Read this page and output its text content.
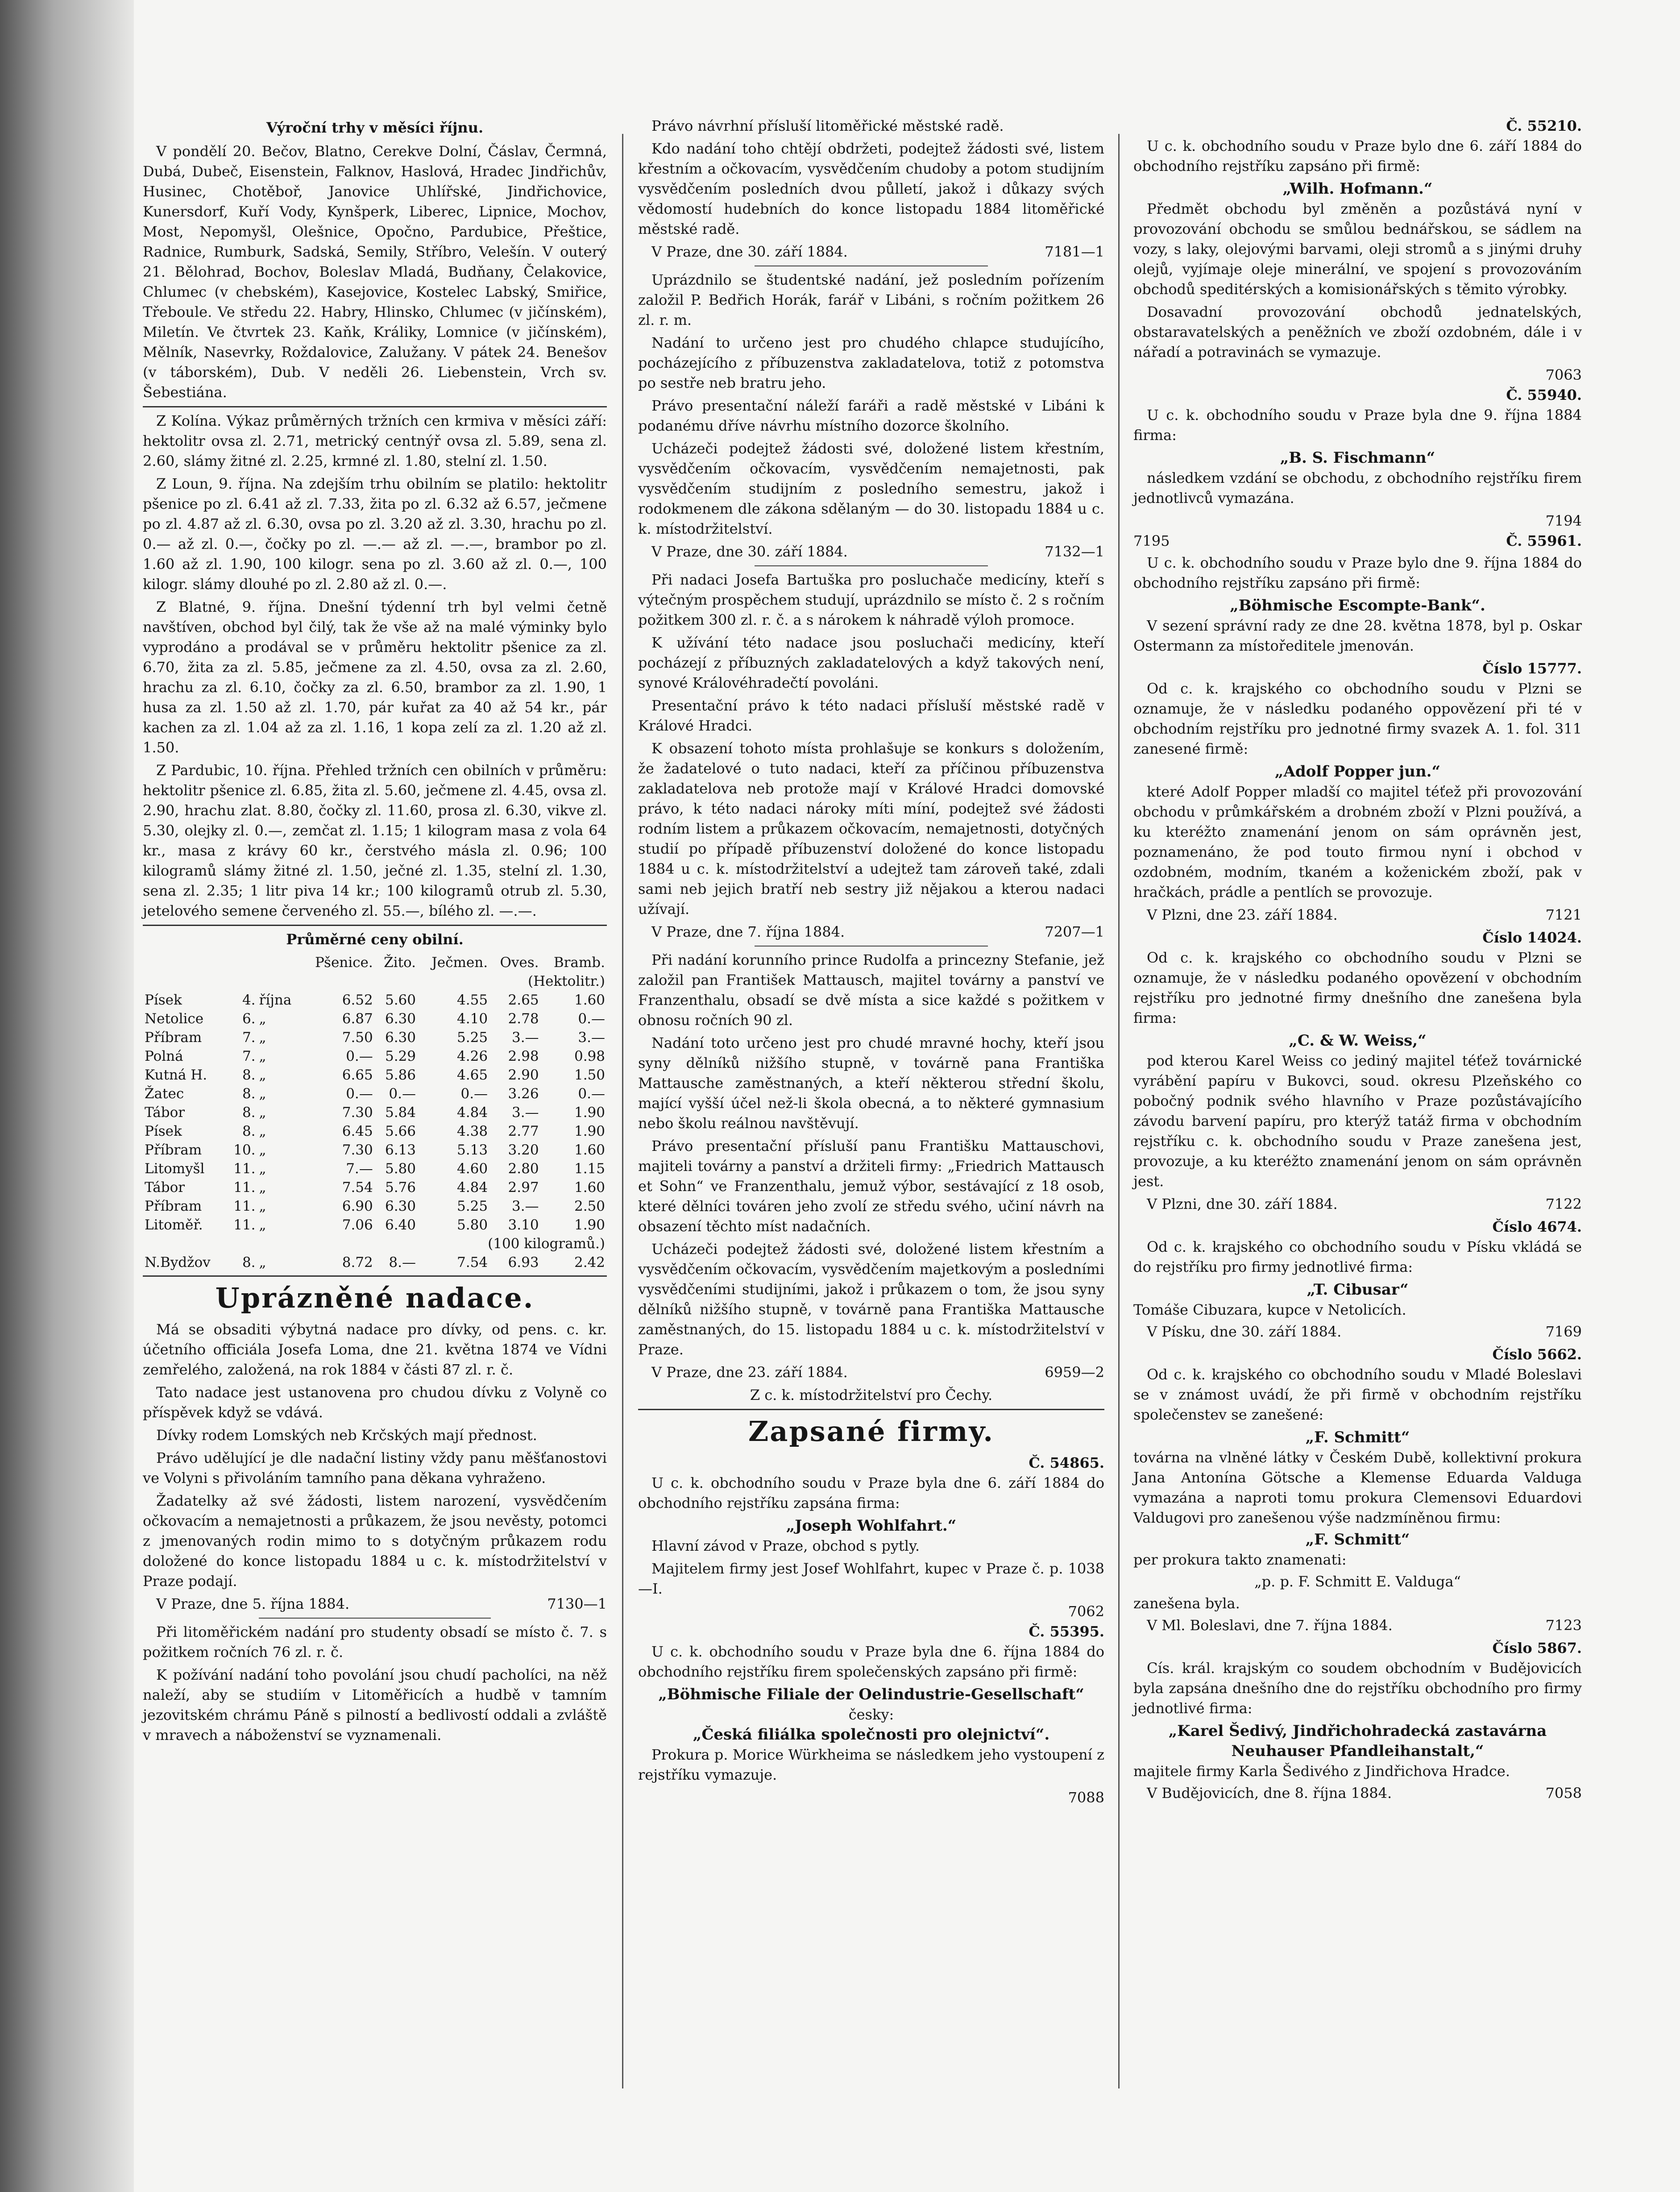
Výroční trhy v měsíci říjnu.

V pondělí 20. Bečov, Blatno, Cerekve Dolní, Čáslav, Čermná, Dubá, Dubeč, Eisenstein, Falknov, Haslová, Hradec Jindřichův, Husinec, Chotěboř, Janovice Uhlířské, Jindřichovice, Kunersdorf, Kuří Vody, Kynšperk, Liberec, Lipnice, Mochov, Most, Nepomyšl, Olešnice, Opočno, Pardubice, Přeštice, Radnice, Rumburk, Sadská, Semily, Stříbro, Velešín. V outerý 21. Bělohrad, Bochov, Boleslav Mladá, Budňany, Čelakovice, Chlumec (v chebském), Kasejovice, Kostelec Labský, Smiřice, Třeboule. Ve středu 22. Habry, Hlinsko, Chlumec (v jičínském), Miletín. Ve čtvrtek 23. Kaňk, Králiky, Lomnice (v jičínském), Mělník, Nasevrky, Roždalovice, Zalužany. V pátek 24. Benešov (v táborském), Dub. V neděli 26. Liebenstein, Vrch sv. Šebestiána.

Z Kolína. Výkaz průměrných tržních cen krmiva v měsíci září: hektolitr ovsa zl. 2.71, metrický centnýř ovsa zl. 5.89, sena zl. 2.60, slámy žitné zl. 2.25, krmné zl. 1.80, stelní zl. 1.50.

Z Loun, 9. října. Na zdejším trhu obilním se platilo: hektolitr pšenice po zl. 6.41 až zl. 7.33, žita po zl. 6.32 až 6.57, ječmene po zl. 4.87 až zl. 6.30, ovsa po zl. 3.20 až zl. 3.30, hrachu po zl. 0.— až zl. 0.—, čočky po zl. —.— až zl. —.—, brambor po zl. 1.60 až zl. 1.90, 100 kilogr. sena po zl. 3.60 až zl. 0.—, 100 kilogr. slámy dlouhé po zl. 2.80 až zl. 0.—.

Z Blatné, 9. října. Dnešní týdenní trh byl velmi četně navštíven, obchod byl čilý, tak že vše až na malé výminky bylo vyprodáno a prodával se v průměru hektolitr pšenice za zl. 6.70, žita za zl. 5.85, ječmene za zl. 4.50, ovsa za zl. 2.60, hrachu za zl. 6.10, čočky za zl. 6.50, brambor za zl. 1.90, 1 husa za zl. 1.50 až zl. 1.70, pár kuřat za 40 až 54 kr., pár kachen za zl. 1.04 až za zl. 1.16, 1 kopa zelí za zl. 1.20 až zl. 1.50.

Z Pardubic, 10. října. Přehled tržních cen obilních v průměru: hektolitr pšenice zl. 6.85, žita zl. 5.60, ječmene zl. 4.45, ovsa zl. 2.90, hrachu zlat. 8.80, čočky zl. 11.60, prosa zl. 6.30, vikve zl. 5.30, olejky zl. 0.—, zemčat zl. 1.15; 1 kilogram masa z vola 64 kr., masa z krávy 60 kr., čerstvého másla zl. 0.96; 100 kilogramů slámy žitné zl. 1.50, ječné zl. 1.35, stelní zl. 1.30, sena zl. 2.35; 1 litr piva 14 kr.; 100 kilogramů otrub zl. 5.30, jetelového semene červeného zl. 55.—, bílého zl. —.—.

Průměrné ceny obilní.
			Pšenice.	Žito.	Ječmen.	Oves.	Bramb.
(Hektolitr.)							
Písek	4.	října	6.52	5.60	4.55	2.65	1.60
Netolice	6.	„	6.87	6.30	4.10	2.78	0.—
Příbram	7.	„	7.50	6.30	5.25	3.—	3.—
Polná	7.	„	0.—	5.29	4.26	2.98	0.98
Kutná H.	8.	„	6.65	5.86	4.65	2.90	1.50
Žatec	8.	„	0.—	0.—	0.—	3.26	0.—
Tábor	8.	„	7.30	5.84	4.84	3.—	1.90
Písek	8.	„	6.45	5.66	4.38	2.77	1.90
Příbram	10.	„	7.30	6.13	5.13	3.20	1.60
Litomyšl	11.	„	7.—	5.80	4.60	2.80	1.15
Tábor	11.	„	7.54	5.76	4.84	2.97	1.60
Příbram	11.	„	6.90	6.30	5.25	3.—	2.50
Litoměř.	11.	„	7.06	6.40	5.80	3.10	1.90
(100 kilogramů.)							
N.Bydžov	8.	„	8.72	8.—	7.54	6.93	2.42
Uprázněné nadace.

Má se obsaditi výbytná nadace pro dívky, od pens. c. kr. účetního officiála Josefa Loma, dne 21. května 1874 ve Vídni zemřelého, založená, na rok 1884 v části 87 zl. r. č.

Tato nadace jest ustanovena pro chudou dívku z Volyně co příspěvek když se vdává.

Dívky rodem Lomských neb Krčských mají přednost.

Právo udělující je dle nadační listiny vždy panu měšťanostovi ve Volyni s přivoláním tamního pana děkana vyhraženo.

Žadatelky až své žádosti, listem narození, vysvědčením očkovacím a nemajetnosti a průkazem, že jsou nevěsty, potomci z jmenovaných rodin mimo to s dotyčným průkazem rodu doložené do konce listopadu 1884 u c. k. místodržitelství v Praze podají.

V Praze, dne 5. října 1884.	7130—1

Při litoměřickém nadání pro studenty obsadí se místo č. 7. s požitkem ročních 76 zl. r. č.

K požívání nadání toho povolání jsou chudí pacholíci, na něž naleží, aby se studiím v Litoměřicích a hudbě v tamním jezovitském chrámu Páně s pilností a bedlivostí oddali a zvláště v mravech a náboženství se vyznamenali.

Právo návrhní přísluší litoměřické městské radě.

Kdo nadání toho chtějí obdržeti, podejtež žádosti své, listem křestním a očkovacím, vysvědčením chudoby a potom studijním vysvědčením posledních dvou půlletí, jakož i důkazy svých vědomostí hudebních do konce listopadu 1884 litoměřické městské radě.

V Praze, dne 30. září 1884.	7181—1

Uprázdnilo se študentské nadání, jež posledním pořízením založil P. Bedřich Horák, farář v Libáni, s ročním požitkem 26 zl. r. m.

Nadání to určeno jest pro chudého chlapce studujícího, pocházejícího z příbuzenstva zakladatelova, totiž z potomstva po sestře neb bratru jeho.

Právo presentační náleží faráři a radě městské v Libáni k podanému dříve návrhu místního dozorce školního.

Ucházeči podejtež žádosti své, doložené listem křestním, vysvědčením očkovacím, vysvědčením nemajetnosti, pak vysvědčením studijním z posledního semestru, jakož i rodokmenem dle zákona sdělaným — do 30. listopadu 1884 u c. k. místodržitelství.

V Praze, dne 30. září 1884.	7132—1

Při nadaci Josefa Bartuška pro posluchače medicíny, kteří s výtečným prospěchem studují, uprázdnilo se místo č. 2 s ročním požitkem 300 zl. r. č. a s nárokem k náhradě výloh promoce.

K užívání této nadace jsou posluchači medicíny, kteří pocházejí z příbuzných zakladatelových a když takových není, synové Královéhradečtí povoláni.

Presentační právo k této nadaci přísluší městské radě v Králové Hradci.

K obsazení tohoto místa prohlašuje se konkurs s doložením, že žadatelové o tuto nadaci, kteří za příčinou příbuzenstva zakladatelova neb protože mají v Králové Hradci domovské právo, k této nadaci nároky míti míní, podejtež své žádosti rodním listem a průkazem očkovacím, nemajetnosti, dotyčných studií po případě příbuzenství doložené do konce listopadu 1884 u c. k. místodržitelství a udejtež tam zároveň také, zdali sami neb jejich bratří neb sestry již nějakou a kterou nadaci užívají.

V Praze, dne 7. října 1884.	7207—1

Při nadání korunního prince Rudolfa a princezny Stefanie, jež založil pan František Mattausch, majitel továrny a panství ve Franzenthalu, obsadí se dvě místa a sice každé s požitkem v obnosu ročních 90 zl.

Nadání toto určeno jest pro chudé mravné hochy, kteří jsou syny dělníků nižšího stupně, v továrně pana Františka Mattausche zaměstnaných, a kteří některou střední školu, mající vyšší účel než-li škola obecná, a to některé gymnasium nebo školu reálnou navštěvují.

Právo presentační přísluší panu Františku Mattauschovi, majiteli továrny a panství a držiteli firmy: „Friedrich Mattausch et Sohn“ ve Franzenthalu, jemuž výbor, sestávající z 18 osob, které dělníci továren jeho zvolí ze středu svého, učiní návrh na obsazení těchto míst nadačních.

Ucházeči podejtež žádosti své, doložené listem křestním a vysvědčením očkovacím, vysvědčením majetkovým a posledními vysvědčeními studijními, jakož i průkazem o tom, že jsou syny dělníků nižšího stupně, v továrně pana Františka Mattausche zaměstnaných, do 15. listopadu 1884 u c. k. místodržitelství v Praze.

V Praze, dne 23. září 1884.	6959—2

Z c. k. místodržitelství pro Čechy.

Zapsané firmy.
Č. 54865.

U c. k. obchodního soudu v Praze byla dne 6. září 1884 do obchodního rejstříku zapsána firma:

„Joseph Wohlfahrt.“

Hlavní závod v Praze, obchod s pytly.

Majitelem firmy jest Josef Wohlfahrt, kupec v Praze č. p. 1038—I.

7062
Č. 55395.

U c. k. obchodního soudu v Praze byla dne 6. října 1884 do obchodního rejstříku firem společenských zapsáno při firmě:

„Böhmische Filiale der Oelindustrie-Gesellschaft“
česky:
„Česká filiálka společnosti pro olejnictví“.

Prokura p. Morice Würkheima se následkem jeho vystoupení z rejstříku vymazuje.

7088
Č. 55210.

U c. k. obchodního soudu v Praze bylo dne 6. září 1884 do obchodního rejstříku zapsáno při firmě:

„Wilh. Hofmann.“

Předmět obchodu byl změněn a pozůstává nyní v provozování obchodu se smůlou bednářskou, se sádlem na vozy, s laky, olejovými barvami, oleji stromů a s jinými druhy olejů, vyjímaje oleje minerální, ve spojení s provozováním obchodů speditérských a komisionářských s těmito výrobky.

Dosavadní provozování obchodů jednatelských, obstaravatelských a peněžních ve zboží ozdobném, dále i v nářadí a potravinách se vymazuje.

7063
Č. 55940.

U c. k. obchodního soudu v Praze byla dne 9. října 1884 firma:

„B. S. Fischmann“

následkem vzdání se obchodu, z obchodního rejstříku firem jednotlivců vymazána.

7194
7195	Č. 55961.

U c. k. obchodního soudu v Praze bylo dne 9. října 1884 do obchodního rejstříku zapsáno při firmě:

„Böhmische Escompte-Bank“.

V sezení správní rady ze dne 28. května 1878, byl p. Oskar Ostermann za místoředitele jmenován.

Číslo 15777.

Od c. k. krajského co obchodního soudu v Plzni se oznamuje, že v následku podaného oppovězení při té v obchodním rejstříku pro jednotné firmy svazek A. 1. fol. 311 zanesené firmě:

„Adolf Popper jun.“

které Adolf Popper mladší co majitel téťež při provozování obchodu v průmkářském a drobném zboží v Plzni používá, a ku kteréžto znamenání jenom on sám oprávněn jest, poznamenáno, že pod touto firmou nyní i obchod v ozdobném, modním, tkaném a koženickém zboží, pak v hračkách, prádle a pentlích se provozuje.

V Plzni, dne 23. září 1884.	7121

Číslo 14024.

Od c. k. krajského co obchodního soudu v Plzni se oznamuje, že v následku podaného opovězení v obchodním rejstříku pro jednotné firmy dnešního dne zanešena byla firma:

„C. & W. Weiss,“

pod kterou Karel Weiss co jediný majitel téťež továrnické vyrábění papíru v Bukovci, soud. okresu Plzeňského co pobočný podnik svého hlavního v Praze pozůstávajícího závodu barvení papíru, pro kterýž tatáž firma v obchodním rejstříku c. k. obchodního soudu v Praze zanešena jest, provozuje, a ku kteréžto znamenání jenom on sám oprávněn jest.

V Plzni, dne 30. září 1884.	7122

Číslo 4674.

Od c. k. krajského co obchodního soudu v Písku vkládá se do rejstříku pro firmy jednotlivé firma:

„T. Cibusar“

Tomáše Cibuzara, kupce v Netolicích.

V Písku, dne 30. září 1884.	7169

Číslo 5662.

Od c. k. krajského co obchodního soudu v Mladé Boleslavi se v známost uvádí, že při firmě v obchodním rejstříku společenstev se zanešené:

„F. Schmitt“

továrna na vlněné látky v Českém Dubě, kollektivní prokura Jana Antonína Götsche a Klemense Eduarda Valduga vymazána a naproti tomu prokura Clemensovi Eduardovi Valdugovi pro zanešenou výše nadzmíněnou firmu:

„F. Schmitt“

per prokura takto znamenati:

„p. p. F. Schmitt E. Valduga“

zanešena byla.

V Ml. Boleslavi, dne 7. října 1884.	7123

Číslo 5867.

Cís. král. krajským co soudem obchodním v Budějovicích byla zapsána dnešního dne do rejstříku obchodního pro firmy jednotlivé firma:

„Karel Šedivý, Jindřichohradecká zastavárna Neuhauser Pfandleihanstalt,“

majitele firmy Karla Šedivého z Jindřichova Hradce.

V Budějovicích, dne 8. října 1884.	7058
